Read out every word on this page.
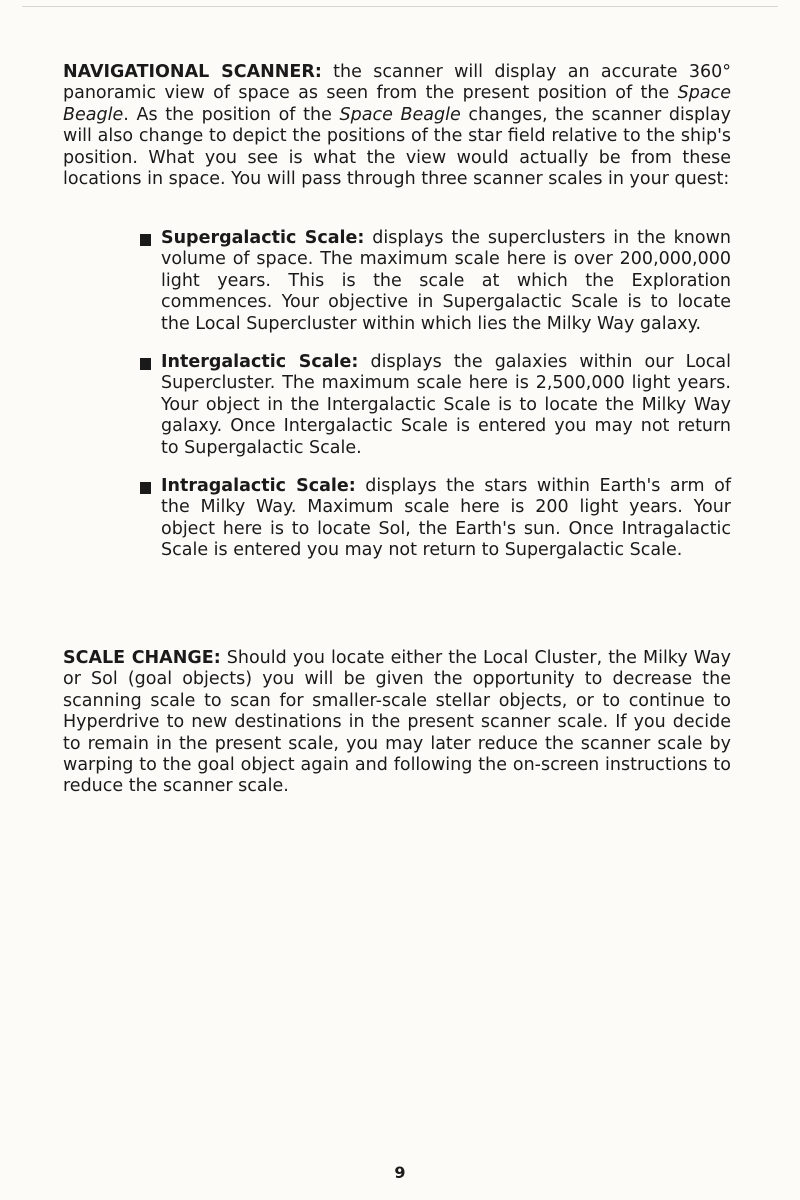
NAVIGATIONAL SCANNER: the scanner will display an accurate 360° panoramic view of space as seen from the present position of the Space Beagle. As the position of the Space Beagle changes, the scanner display will also change to depict the positions of the star field relative to the ship's position. What you see is what the view would actually be from these locations in space. You will pass through three scanner scales in your quest:

Supergalactic Scale: displays the superclusters in the known volume of space. The maximum scale here is over 200,000,000 light years. This is the scale at which the Exploration commences. Your objective in Supergalactic Scale is to locate the Local Supercluster within which lies the Milky Way galaxy.
Intergalactic Scale: displays the galaxies within our Local Supercluster. The maximum scale here is 2,500,000 light years. Your object in the Intergalactic Scale is to locate the Milky Way galaxy. Once Intergalactic Scale is entered you may not return to Supergalactic Scale.
Intragalactic Scale: displays the stars within Earth's arm of the Milky Way. Maximum scale here is 200 light years. Your object here is to locate Sol, the Earth's sun. Once Intragalactic Scale is entered you may not return to Supergalactic Scale.

SCALE CHANGE: Should you locate either the Local Cluster, the Milky Way or Sol (goal objects) you will be given the opportunity to decrease the scanning scale to scan for smaller-scale stellar objects, or to continue to Hyperdrive to new destinations in the present scanner scale. If you decide to remain in the present scale, you may later reduce the scanner scale by warping to the goal object again and following the on-screen instructions to reduce the scanner scale.

9
